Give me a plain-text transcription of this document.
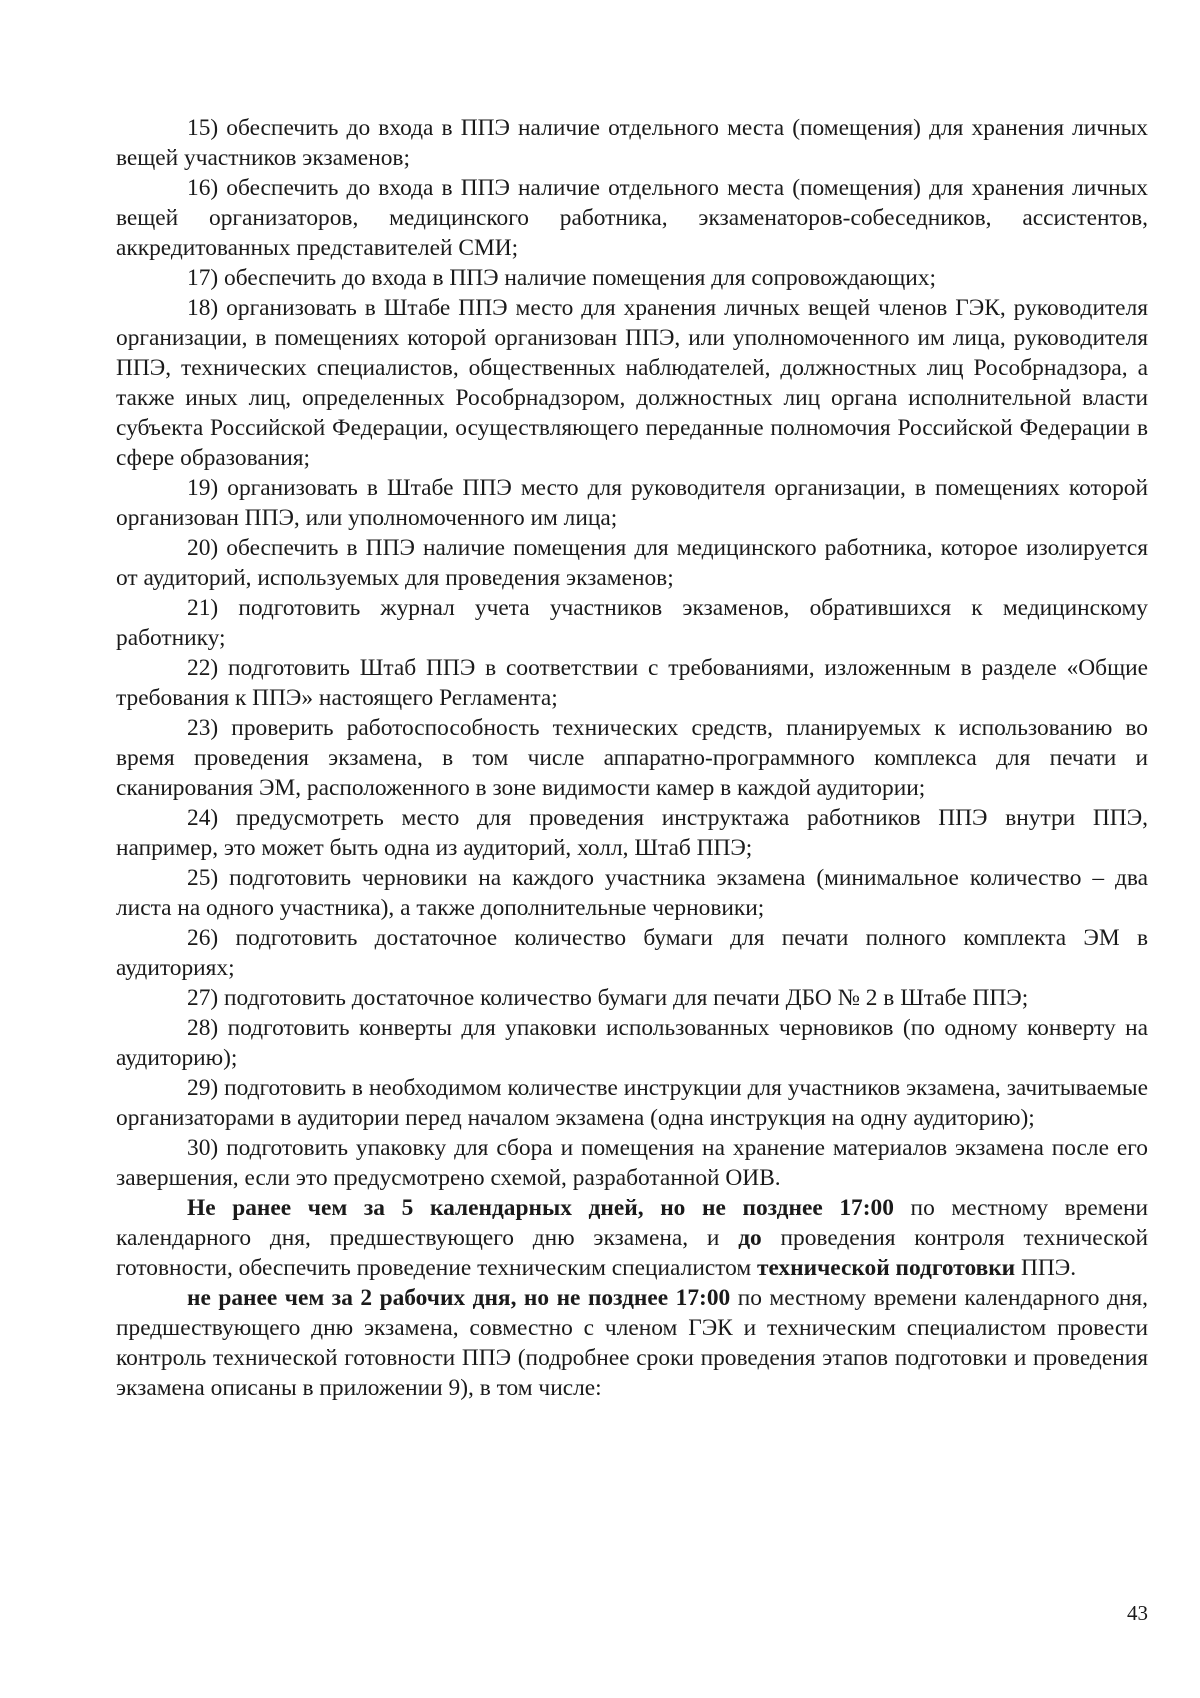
15) обеспечить до входа в ППЭ наличие отдельного места (помещения) для хранения личных вещей участников экзаменов;

16) обеспечить до входа в ППЭ наличие отдельного места (помещения) для хранения личных вещей организаторов, медицинского работника, экзаменаторов-собеседников, ассистентов, аккредитованных представителей СМИ;

17) обеспечить до входа в ППЭ наличие помещения для сопровождающих;

18) организовать в Штабе ППЭ место для хранения личных вещей членов ГЭК, руководителя организации, в помещениях которой организован ППЭ, или уполномоченного им лица, руководителя ППЭ, технических специалистов, общественных наблюдателей, должностных лиц Рособрнадзора, а также иных лиц, определенных Рособрнадзором, должностных лиц органа исполнительной власти субъекта Российской Федерации, осуществляющего переданные полномочия Российской Федерации в сфере образования;

19) организовать в Штабе ППЭ место для руководителя организации, в помещениях которой организован ППЭ, или уполномоченного им лица;

20) обеспечить в ППЭ наличие помещения для медицинского работника, которое изолируется от аудиторий, используемых для проведения экзаменов;

21) подготовить журнал учета участников экзаменов, обратившихся к медицинскому работнику;

22) подготовить Штаб ППЭ в соответствии с требованиями, изложенным в разделе «Общие требования к ППЭ» настоящего Регламента;

23) проверить работоспособность технических средств, планируемых к использованию во время проведения экзамена, в том числе аппаратно-программного комплекса для печати и сканирования ЭМ, расположенного в зоне видимости камер в каждой аудитории;

24) предусмотреть место для проведения инструктажа работников ППЭ внутри ППЭ, например, это может быть одна из аудиторий, холл, Штаб ППЭ;

25) подготовить черновики на каждого участника экзамена (минимальное количество – два листа на одного участника), а также дополнительные черновики;

26) подготовить достаточное количество бумаги для печати полного комплекта ЭМ в аудиториях;

27) подготовить достаточное количество бумаги для печати ДБО № 2 в Штабе ППЭ;

28) подготовить конверты для упаковки использованных черновиков (по одному конверту на аудиторию);

29) подготовить в необходимом количестве инструкции для участников экзамена, зачитываемые организаторами в аудитории перед началом экзамена (одна инструкция на одну аудиторию);

30) подготовить упаковку для сбора и помещения на хранение материалов экзамена после его завершения, если это предусмотрено схемой, разработанной ОИВ.

Не ранее чем за 5 календарных дней, но не позднее 17:00 по местному времени календарного дня, предшествующего дню экзамена, и до проведения контроля технической готовности, обеспечить проведение техническим специалистом технической подготовки ППЭ.

не ранее чем за 2 рабочих дня, но не позднее 17:00 по местному времени календарного дня, предшествующего дню экзамена, совместно с членом ГЭК и техническим специалистом провести контроль технической готовности ППЭ (подробнее сроки проведения этапов подготовки и проведения экзамена описаны в приложении 9), в том числе:

43
